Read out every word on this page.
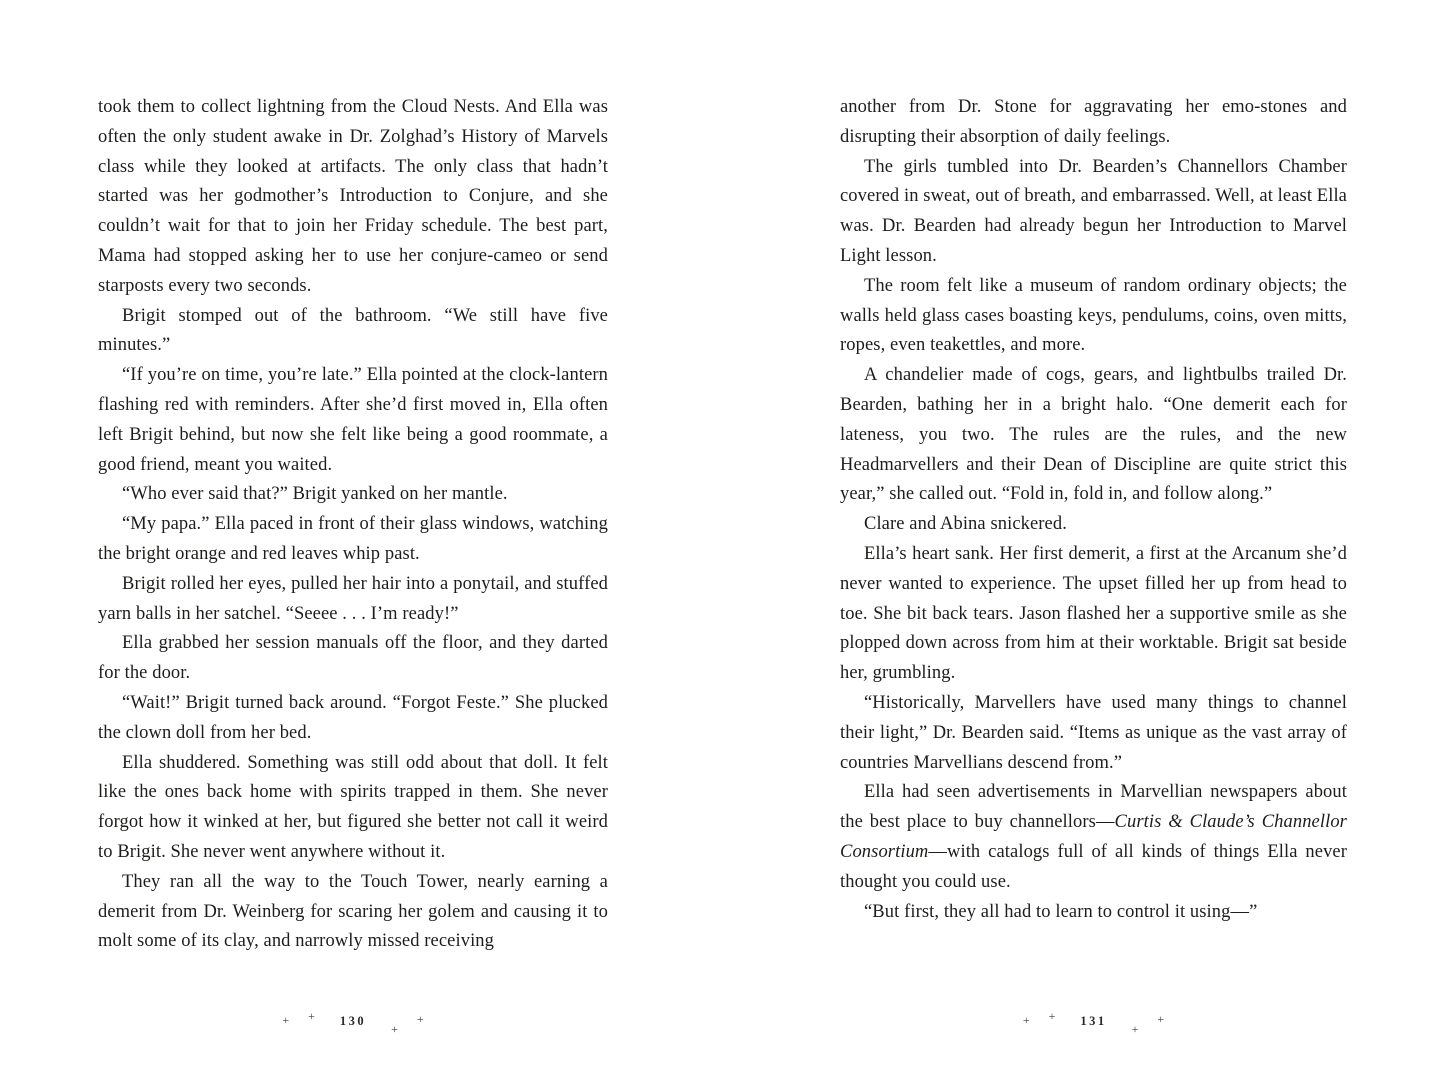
took them to collect lightning from the Cloud Nests. And Ella was often the only student awake in Dr. Zolghad’s History of Marvels class while they looked at artifacts. The only class that hadn’t started was her godmother’s Introduction to Conjure, and she couldn’t wait for that to join her Friday schedule. The best part, Mama had stopped asking her to use her conjure-cameo or send starposts every two seconds.

Brigit stomped out of the bathroom. “We still have five minutes.”

“If you’re on time, you’re late.” Ella pointed at the clock-lantern flashing red with reminders. After she’d first moved in, Ella often left Brigit behind, but now she felt like being a good roommate, a good friend, meant you waited.

“Who ever said that?” Brigit yanked on her mantle.

“My papa.” Ella paced in front of their glass windows, watching the bright orange and red leaves whip past.

Brigit rolled her eyes, pulled her hair into a ponytail, and stuffed yarn balls in her satchel. “Seeee . . . I’m ready!”

Ella grabbed her session manuals off the floor, and they darted for the door.

“Wait!” Brigit turned back around. “Forgot Feste.” She plucked the clown doll from her bed.

Ella shuddered. Something was still odd about that doll. It felt like the ones back home with spirits trapped in them. She never forgot how it winked at her, but figured she better not call it weird to Brigit. She never went anywhere without it.

They ran all the way to the Touch Tower, nearly earning a demerit from Dr. Weinberg for scaring her golem and causing it to molt some of its clay, and narrowly missed receiving

another from Dr. Stone for aggravating her emo-stones and disrupting their absorption of daily feelings.

The girls tumbled into Dr. Bearden’s Channellors Chamber covered in sweat, out of breath, and embarrassed. Well, at least Ella was. Dr. Bearden had already begun her Introduction to Marvel Light lesson.

The room felt like a museum of random ordinary objects; the walls held glass cases boasting keys, pendulums, coins, oven mitts, ropes, even teakettles, and more.

A chandelier made of cogs, gears, and lightbulbs trailed Dr. Bearden, bathing her in a bright halo. “One demerit each for lateness, you two. The rules are the rules, and the new Headmarvellers and their Dean of Discipline are quite strict this year,” she called out. “Fold in, fold in, and follow along.”

Clare and Abina snickered.

Ella’s heart sank. Her first demerit, a first at the Arcanum she’d never wanted to experience. The upset filled her up from head to toe. She bit back tears. Jason flashed her a supportive smile as she plopped down across from him at their worktable. Brigit sat beside her, grumbling.

“Historically, Marvellers have used many things to channel their light,” Dr. Bearden said. “Items as unique as the vast array of countries Marvellians descend from.”

Ella had seen advertisements in Marvellian newspapers about the best place to buy channellors—Curtis & Claude’s Channellor Consortium—with catalogs full of all kinds of things Ella never thought you could use.

“But first, they all had to learn to control it using—”

+ +	130
+
+	+ +	131
+
+
